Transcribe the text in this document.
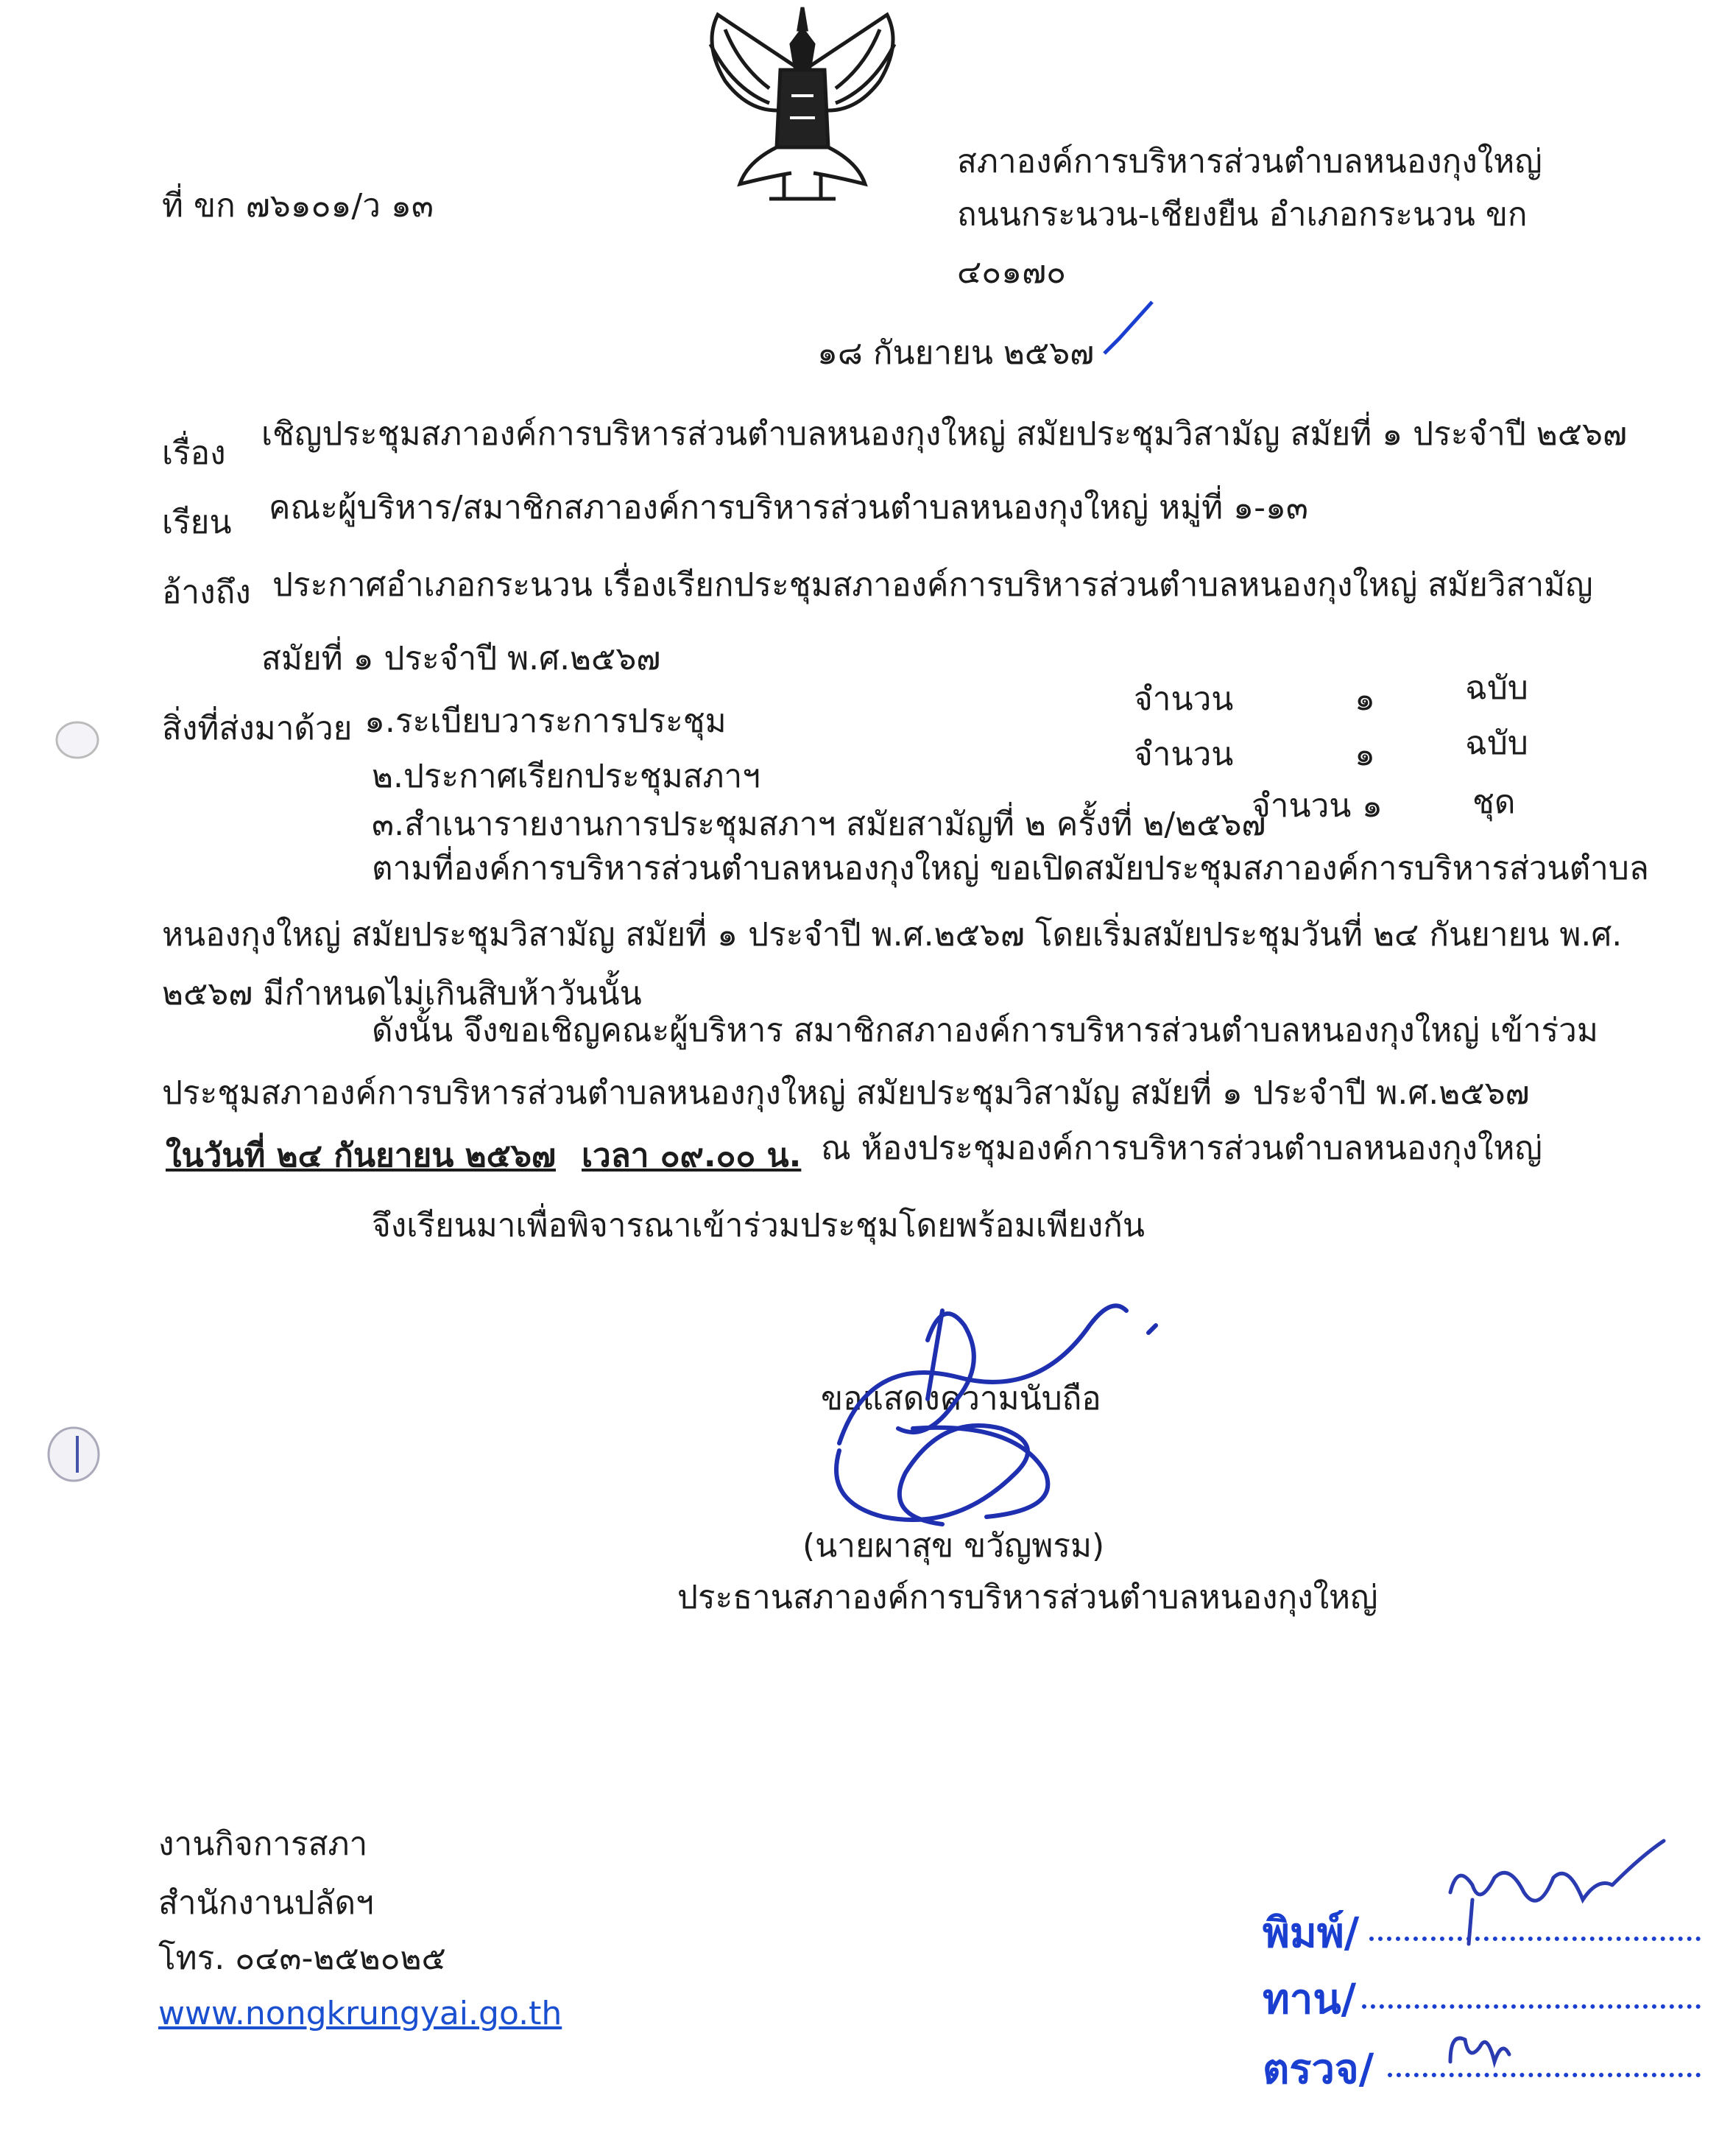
ที่ ขก ๗๖๑๐๑/ว ๑๓
สภาองค์การบริหารส่วนตำบลหนองกุงใหญ่
ถนนกระนวน-เชียงยืน อำเภอกระนวน ขก
๔๐๑๗๐
๑๘ กันยายน ๒๕๖๗
เรื่อง
เชิญประชุมสภาองค์การบริหารส่วนตำบลหนองกุงใหญ่ สมัยประชุมวิสามัญ สมัยที่ ๑ ประจำปี ๒๕๖๗
เรียน คณะผู้บริหาร/สมาชิกสภาองค์การบริหารส่วนตำบลหนองกุงใหญ่ หมู่ที่ ๑-๑๓
อ้างถึง ประกาศอำเภอกระนวน เรื่องเรียกประชุมสภาองค์การบริหารส่วนตำบลหนองกุงใหญ่ สมัยวิสามัญ
สมัยที่ ๑ ประจำปี พ.ศ.๒๕๖๗
สิ่งที่ส่งมาด้วย ๑.ระเบียบวาระการประชุม
จำนวน	๑	ฉบับ
๒.ประกาศเรียกประชุมสภาฯ
จำนวน	๑	ฉบับ
๓.สำเนารายงานการประชุมสภาฯ สมัยสามัญที่ ๒ ครั้งที่ ๒/๒๕๖๗
จำนวน ๑	ชุด
ตามที่องค์การบริหารส่วนตำบลหนองกุงใหญ่ ขอเปิดสมัยประชุมสภาองค์การบริหารส่วนตำบล
หนองกุงใหญ่ สมัยประชุมวิสามัญ สมัยที่ ๑ ประจำปี พ.ศ.๒๕๖๗ โดยเริ่มสมัยประชุมวันที่ ๒๔ กันยายน พ.ศ.
๒๕๖๗ มีกำหนดไม่เกินสิบห้าวันนั้น
ดังนั้น จึงขอเชิญคณะผู้บริหาร สมาชิกสภาองค์การบริหารส่วนตำบลหนองกุงใหญ่ เข้าร่วม
ประชุมสภาองค์การบริหารส่วนตำบลหนองกุงใหญ่ สมัยประชุมวิสามัญ สมัยที่ ๑ ประจำปี พ.ศ.๒๕๖๗
ในวันที่ ๒๔ กันยายน ๒๕๖๗ เวลา ๐๙.๐๐ น. ณ ห้องประชุมองค์การบริหารส่วนตำบลหนองกุงใหญ่
จึงเรียนมาเพื่อพิจารณาเข้าร่วมประชุมโดยพร้อมเพียงกัน
ขอแสดงความนับถือ
(นายผาสุข ขวัญพรม)
ประธานสภาองค์การบริหารส่วนตำบลหนองกุงใหญ่
งานกิจการสภา
สำนักงานปลัดฯ
โทร. ๐๔๓-๒๕๒๐๒๕
www.nongkrungyai.go.th
พิมพ์/
ทาน/
ตรวจ/
